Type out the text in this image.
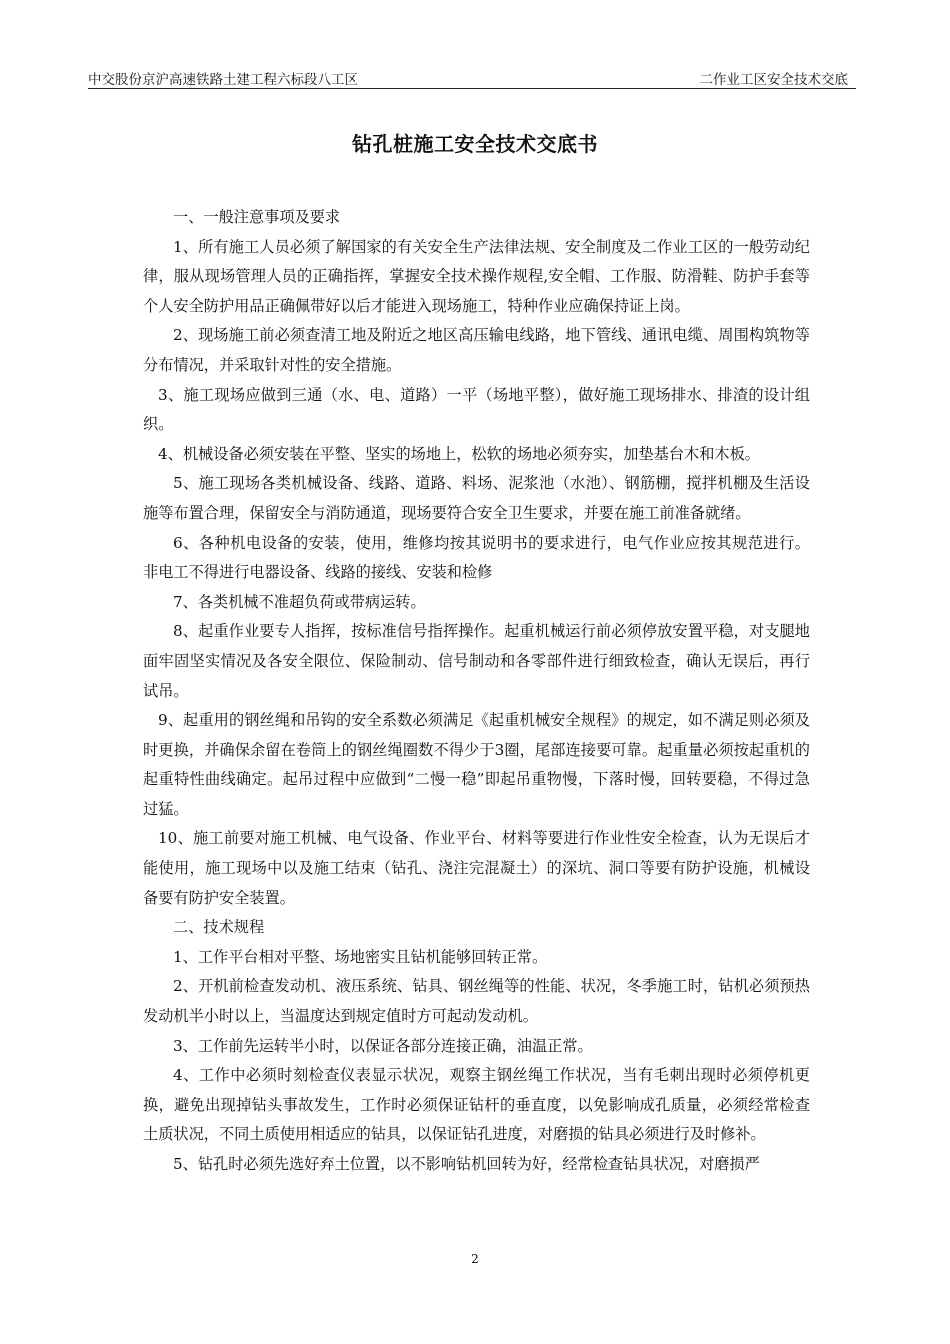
中交股份京沪高速铁路土建工程六标段八工区	二作业工区安全技术交底
钻孔桩施工安全技术交底书

一、一般注意事项及要求

1、所有施工人员必须了解国家的有关安全生产法律法规、安全制度及二作业工区的一般劳动纪律，服从现场管理人员的正确指挥，掌握安全技术操作规程,安全帽、工作服、防滑鞋、防护手套等个人安全防护用品正确佩带好以后才能进入现场施工，特种作业应确保持证上岗。

2、现场施工前必须查清工地及附近之地区高压输电线路，地下管线、通讯电缆、周围构筑物等分布情况，并采取针对性的安全措施。

3、施工现场应做到三通（水、电、道路）一平（场地平整），做好施工现场排水、排渣的设计组织。

4、机械设备必须安装在平整、坚实的场地上，松软的场地必须夯实，加垫基台木和木板。

5、施工现场各类机械设备、线路、道路、料场、泥浆池（水池）、钢筋棚，搅拌机棚及生活设施等布置合理，保留安全与消防通道，现场要符合安全卫生要求，并要在施工前准备就绪。

6、各种机电设备的安装，使用，维修均按其说明书的要求进行，电气作业应按其规范进行。 非电工不得进行电器设备、线路的接线、安装和检修

7、各类机械不准超负荷或带病运转。

8、起重作业要专人指挥，按标准信号指挥操作。起重机械运行前必须停放安置平稳，对支腿地面牢固坚实情况及各安全限位、保险制动、信号制动和各零部件进行细致检查，确认无误后，再行试吊。

9、起重用的钢丝绳和吊钩的安全系数必须满足《起重机械安全规程》的规定，如不满足则必须及时更换，并确保余留在卷筒上的钢丝绳圈数不得少于3圈，尾部连接要可靠。起重量必须按起重机的起重特性曲线确定。起吊过程中应做到“二慢一稳”即起吊重物慢，下落时慢，回转要稳，不得过急过猛。

10、施工前要对施工机械、电气设备、作业平台、材料等要进行作业性安全检查，认为无误后才能使用，施工现场中以及施工结束（钻孔、浇注完混凝土）的深坑、洞口等要有防护设施，机械设备要有防护安全装置。

二、技术规程

1、工作平台相对平整、场地密实且钻机能够回转正常。

2、开机前检查发动机、液压系统、钻具、钢丝绳等的性能、状况，冬季施工时，钻机必须预热发动机半小时以上，当温度达到规定值时方可起动发动机。

3、工作前先运转半小时，以保证各部分连接正确，油温正常。

4、工作中必须时刻检查仪表显示状况，观察主钢丝绳工作状况，当有毛刺出现时必须停机更换，避免出现掉钻头事故发生，工作时必须保证钻杆的垂直度，以免影响成孔质量，必须经常检查土质状况，不同土质使用相适应的钻具，以保证钻孔进度，对磨损的钻具必须进行及时修补。

5、钻孔时必须先选好弃土位置，以不影响钻机回转为好，经常检查钻具状况，对磨损严

2
